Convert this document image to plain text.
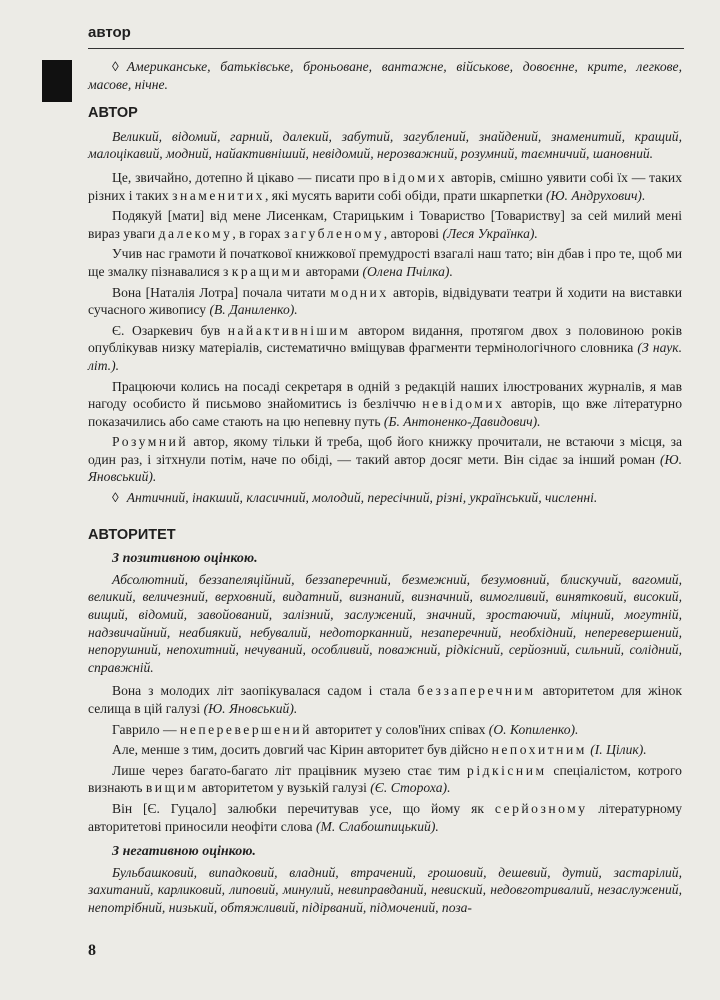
автор

◊ Американське, батьківське, броньоване, вантажне, військове, довоєнне, крите, легкове, масове, нічне.

АВТОР

Великий, відомий, гарний, далекий, забутий, загублений, знайдений, знаменитий, кращий, малоцікавий, модний, найактивніший, невідомий, нерозважний, розумний, таємничий, шановний.

Це, звичайно, дотепно й цікаво — писати про відомих авторів, смішно уявити собі їх — таких різних і таких знаменитих, які мусять варити собі обіди, прати шкарпетки (Ю. Андрухович).

Подякуй [мати] від мене Лисенкам, Старицьким і Товариство [Товариству] за сей милий мені вираз уваги далекому, в горах загубленому, авторові (Леся Українка).

Учив нас грамоти й початкової книжкової премудрості взагалі наш тато; він дбав і про те, щоб ми ще змалку пізнавалися з кращими авторами (Олена Пчілка).

Вона [Наталія Лотра] почала читати модних авторів, відвідувати театри й ходити на виставки сучасного живопису (В. Даниленко).

Є. Озаркевич був найактивнішим автором видання, протягом двох з половиною років опублікував низку матеріалів, систематично вміщував фрагменти термінологічного словника (З наук. літ.).

Працюючи колись на посаді секретаря в одній з редакцій наших ілюстрованих журналів, я мав нагоду особисто й письмово знайомитись із безліччю невідомих авторів, що вже літературно показачились або саме стають на цю непевну путь (Б. Антоненко-Давидович).

Розумний автор, якому тільки й треба, щоб його книжку прочитали, не встаючи з місця, за один раз, і зітхнули потім, наче по обіді, — такий автор досяг мети. Він сідає за інший роман (Ю. Яновський).

◊ Античний, інакший, класичний, молодий, пересічний, різні, український, численні.

АВТОРИТЕТ
З позитивною оцінкою.

Абсолютний, беззапеляційний, беззаперечний, безмежний, безумовний, блискучий, вагомий, великий, величезний, верховний, видатний, визнаний, визначний, вимогливий, винятковий, високий, вищий, відомий, завойований, залізний, заслужений, значний, зростаючий, міцний, могутній, надзвичайний, неабиякий, небувалий, недоторканний, незаперечний, необхідний, неперевершений, непорушний, непохитний, нечуваний, особливий, поважний, рідкісний, серйозний, сильний, солідний, справжній.

Вона з молодих літ заопікувалася садом і стала беззаперечним авторитетом для жінок селища в цій галузі (Ю. Яновський).

Гаврило — неперевершений авторитет у солов'їних співах (О. Копиленко).

Але, менше з тим, досить довгий час Кірин авторитет був дійсно непохитним (І. Цілик).

Лише через багато-багато літ працівник музею стає тим рідкісним спеціалістом, котрого визнають вищим авторитетом у вузькій галузі (Є. Стороха).

Він [Є. Гуцало] залюбки перечитував усе, що йому як серйозному літературному авторитетові приносили неофіти слова (М. Слабошпицький).

З негативною оцінкою.

Бульбашковий, випадковий, владний, втрачений, грошовий, дешевий, дутий, застарілий, захитаний, карликовий, липовий, минулий, невиправданий, невиский, недовготривалий, незаслужений, непотрібний, низький, обтяжливий, підірваний, підмочений, поза-

8
